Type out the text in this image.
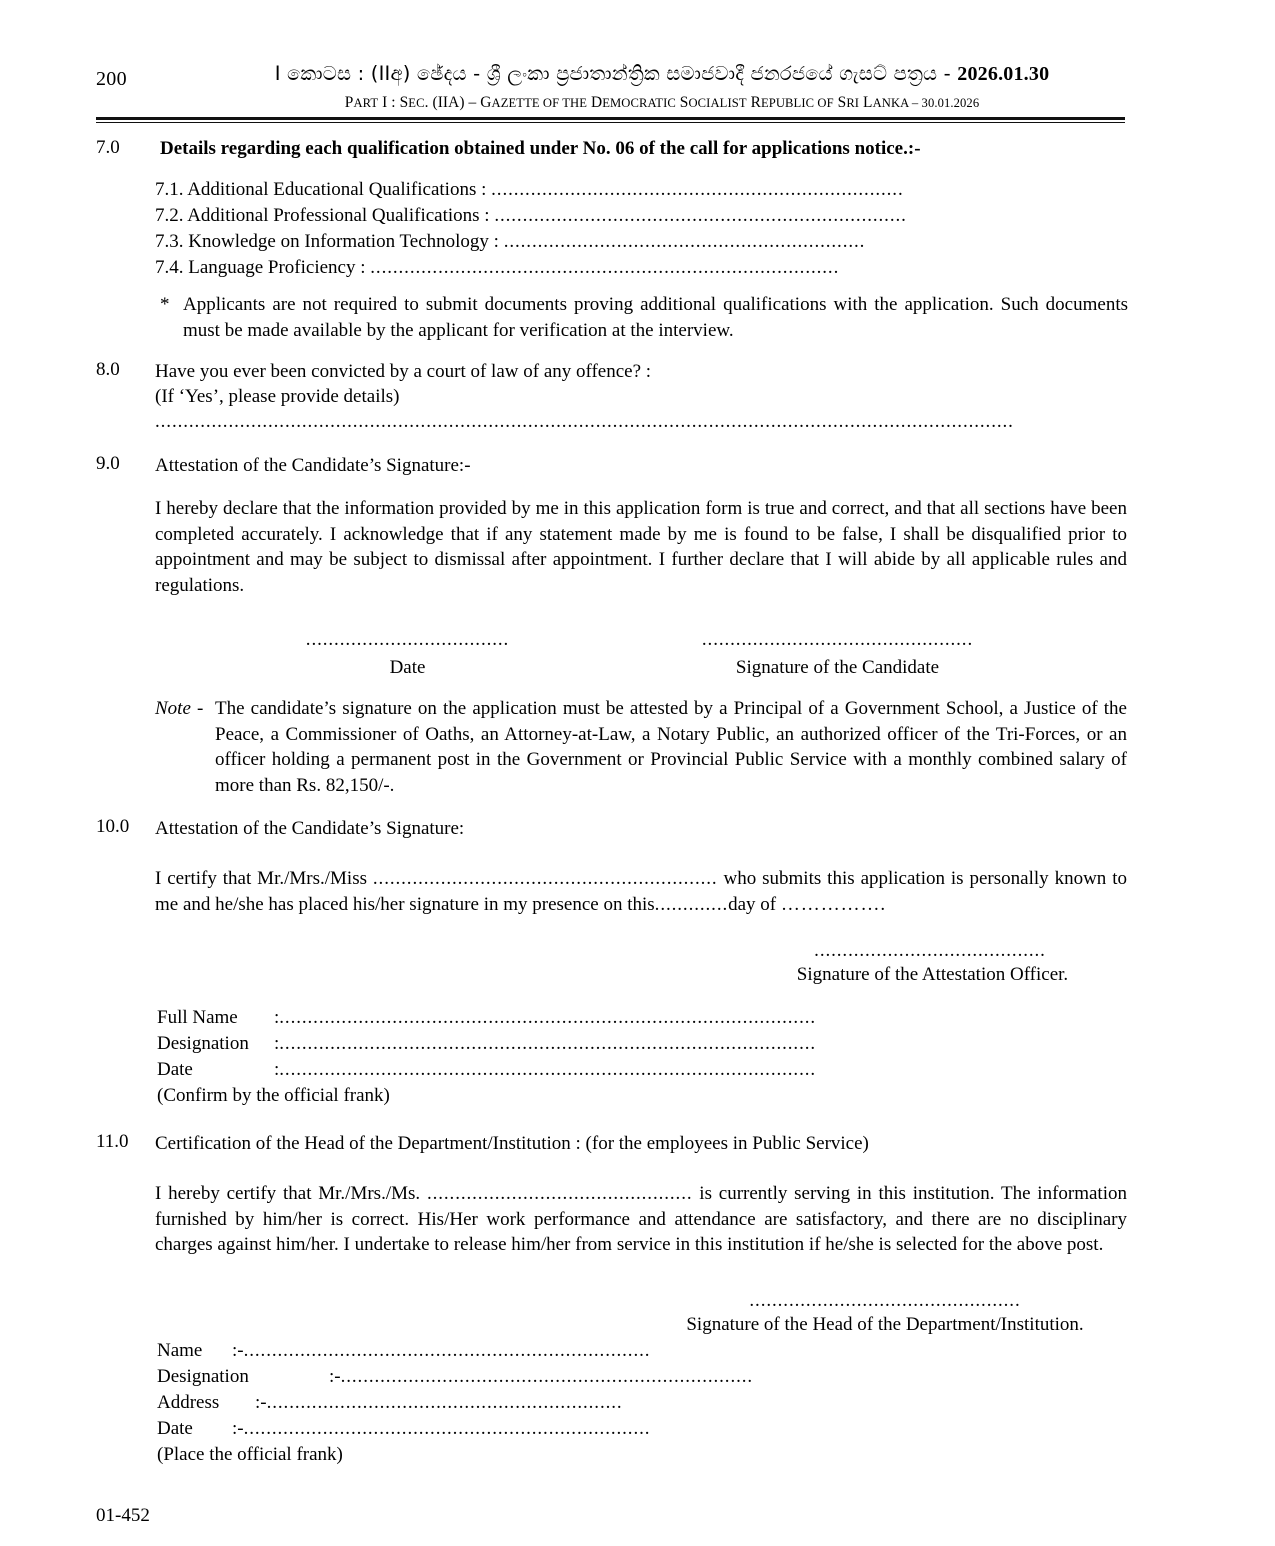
200	I කොටස : (IIඅ) ඡේදය - ශ්‍රී ලංකා ප්‍රජාතාන්ත්‍රික සමාජවාදී ජනරජයේ ගැසට් පත්‍රය - 2026.01.30
PART I : SEC. (IIA) – GAZETTE OF THE DEMOCRATIC SOCIALIST REPUBLIC OF SRI LANKA – 30.01.2026
7.0 Details regarding each qualification obtained under No. 06 of the call for applications notice.:-
7.1. Additional Educational Qualifications : .........................................................................
7.2. Additional Professional Qualifications : .........................................................................
7.3. Knowledge on Information Technology : ................................................................
7.4. Language Proficiency : ...................................................................................
* Applicants are not required to submit documents proving additional qualifications with the application. Such documents must be made available by the applicant for verification at the interview.
8.0 Have you ever been convicted by a court of law of any offence? :
(If ‘Yes’, please provide details)
........................................................................................................................................................
9.0 Attestation of the Candidate’s Signature:-
I hereby declare that the information provided by me in this application form is true and correct, and that all sections have been completed accurately. I acknowledge that if any statement made by me is found to be false, I shall be disqualified prior to appointment and may be subject to dismissal after appointment. I further declare that I will abide by all applicable rules and regulations.
....................................
Date
................................................
Signature of the Candidate
Note - The candidate’s signature on the application must be attested by a Principal of a Government School, a Justice of the Peace, a Commissioner of Oaths, an Attorney-at-Law, a Notary Public, an authorized officer of the Tri-Forces, or an officer holding a permanent post in the Government or Provincial Public Service with a monthly combined salary of more than Rs. 82,150/-.
10.0 Attestation of the Candidate’s Signature:
I certify that Mr./Mrs./Miss ............................................................. who submits this application is personally known to me and he/she has placed his/her signature in my presence on this.............day of …………….
.........................................
Signature of the Attestation Officer.
Full Name :...............................................................................................
Designation :...............................................................................................
Date	:...............................................................................................
(Confirm by the official frank)
11.0 Certification of the Head of the Department/Institution : (for the employees in Public Service)
I hereby certify that Mr./Mrs./Ms. ............................................... is currently serving in this institution. The information furnished by him/her is correct. His/Her work performance and attendance are satisfactory, and there are no disciplinary charges against him/her. I undertake to release him/her from service in this institution if he/she is selected for the above post.
................................................
Signature of the Head of the Department/Institution.
Name :-........................................................................
Designation	:-.........................................................................
Address :-...............................................................
Date :-........................................................................
(Place the official frank)
01-452
